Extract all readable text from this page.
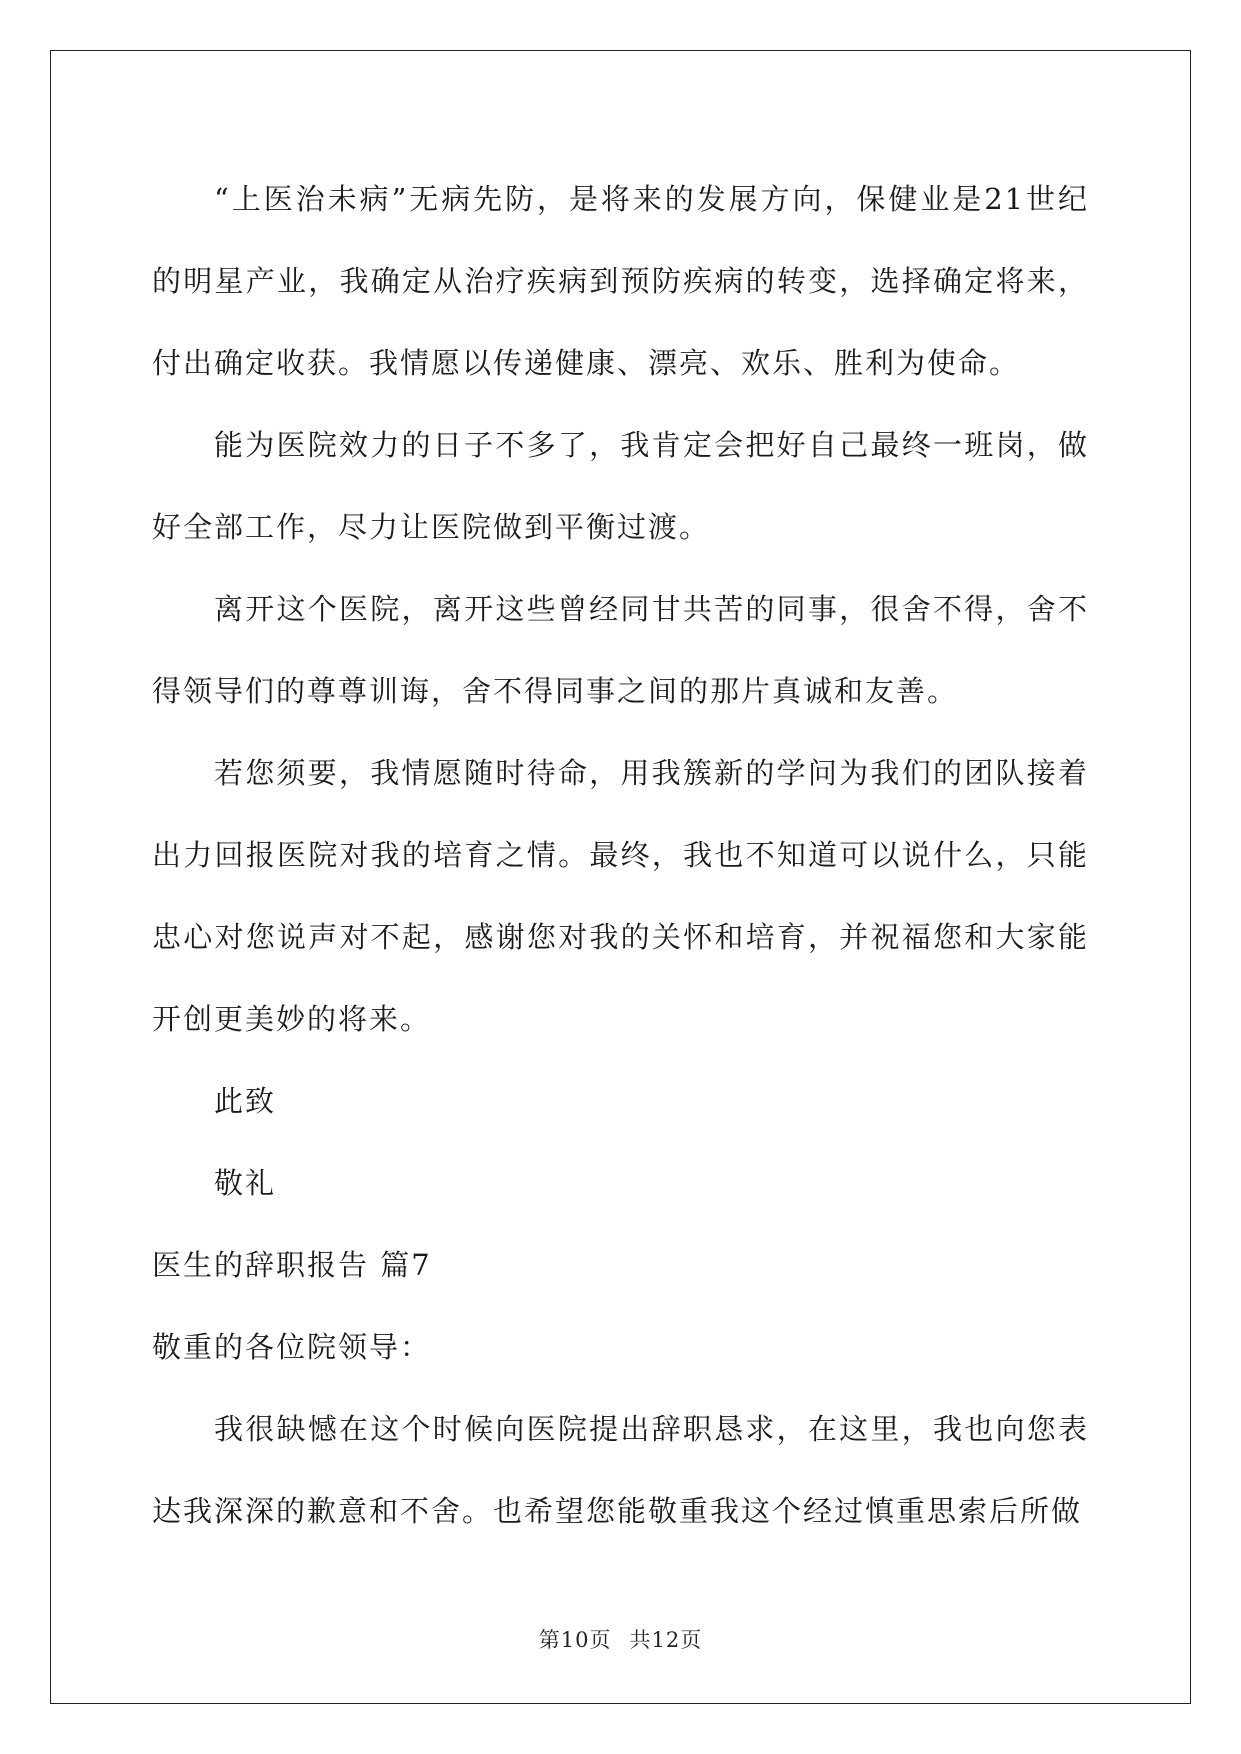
“上医治未病”无病先防，是将来的发展方向，保健业是21世纪的明星产业，我确定从治疗疾病到预防疾病的转变，选择确定将来，付出确定收获。我情愿以传递健康、漂亮、欢乐、胜利为使命。

能为医院效力的日子不多了，我肯定会把好自己最终一班岗，做好全部工作，尽力让医院做到平衡过渡。

离开这个医院，离开这些曾经同甘共苦的同事，很舍不得，舍不得领导们的尊尊训诲，舍不得同事之间的那片真诚和友善。

若您须要，我情愿随时待命，用我簇新的学问为我们的团队接着出力回报医院对我的培育之情。最终，我也不知道可以说什么，只能忠心对您说声对不起，感谢您对我的关怀和培育，并祝福您和大家能开创更美妙的将来。

此致

敬礼

医生的辞职报告 篇7

敬重的各位院领导：

我很缺憾在这个时候向医院提出辞职恳求，在这里，我也向您表达我深深的歉意和不舍。也希望您能敬重我这个经过慎重思索后所做

第10页 共12页
